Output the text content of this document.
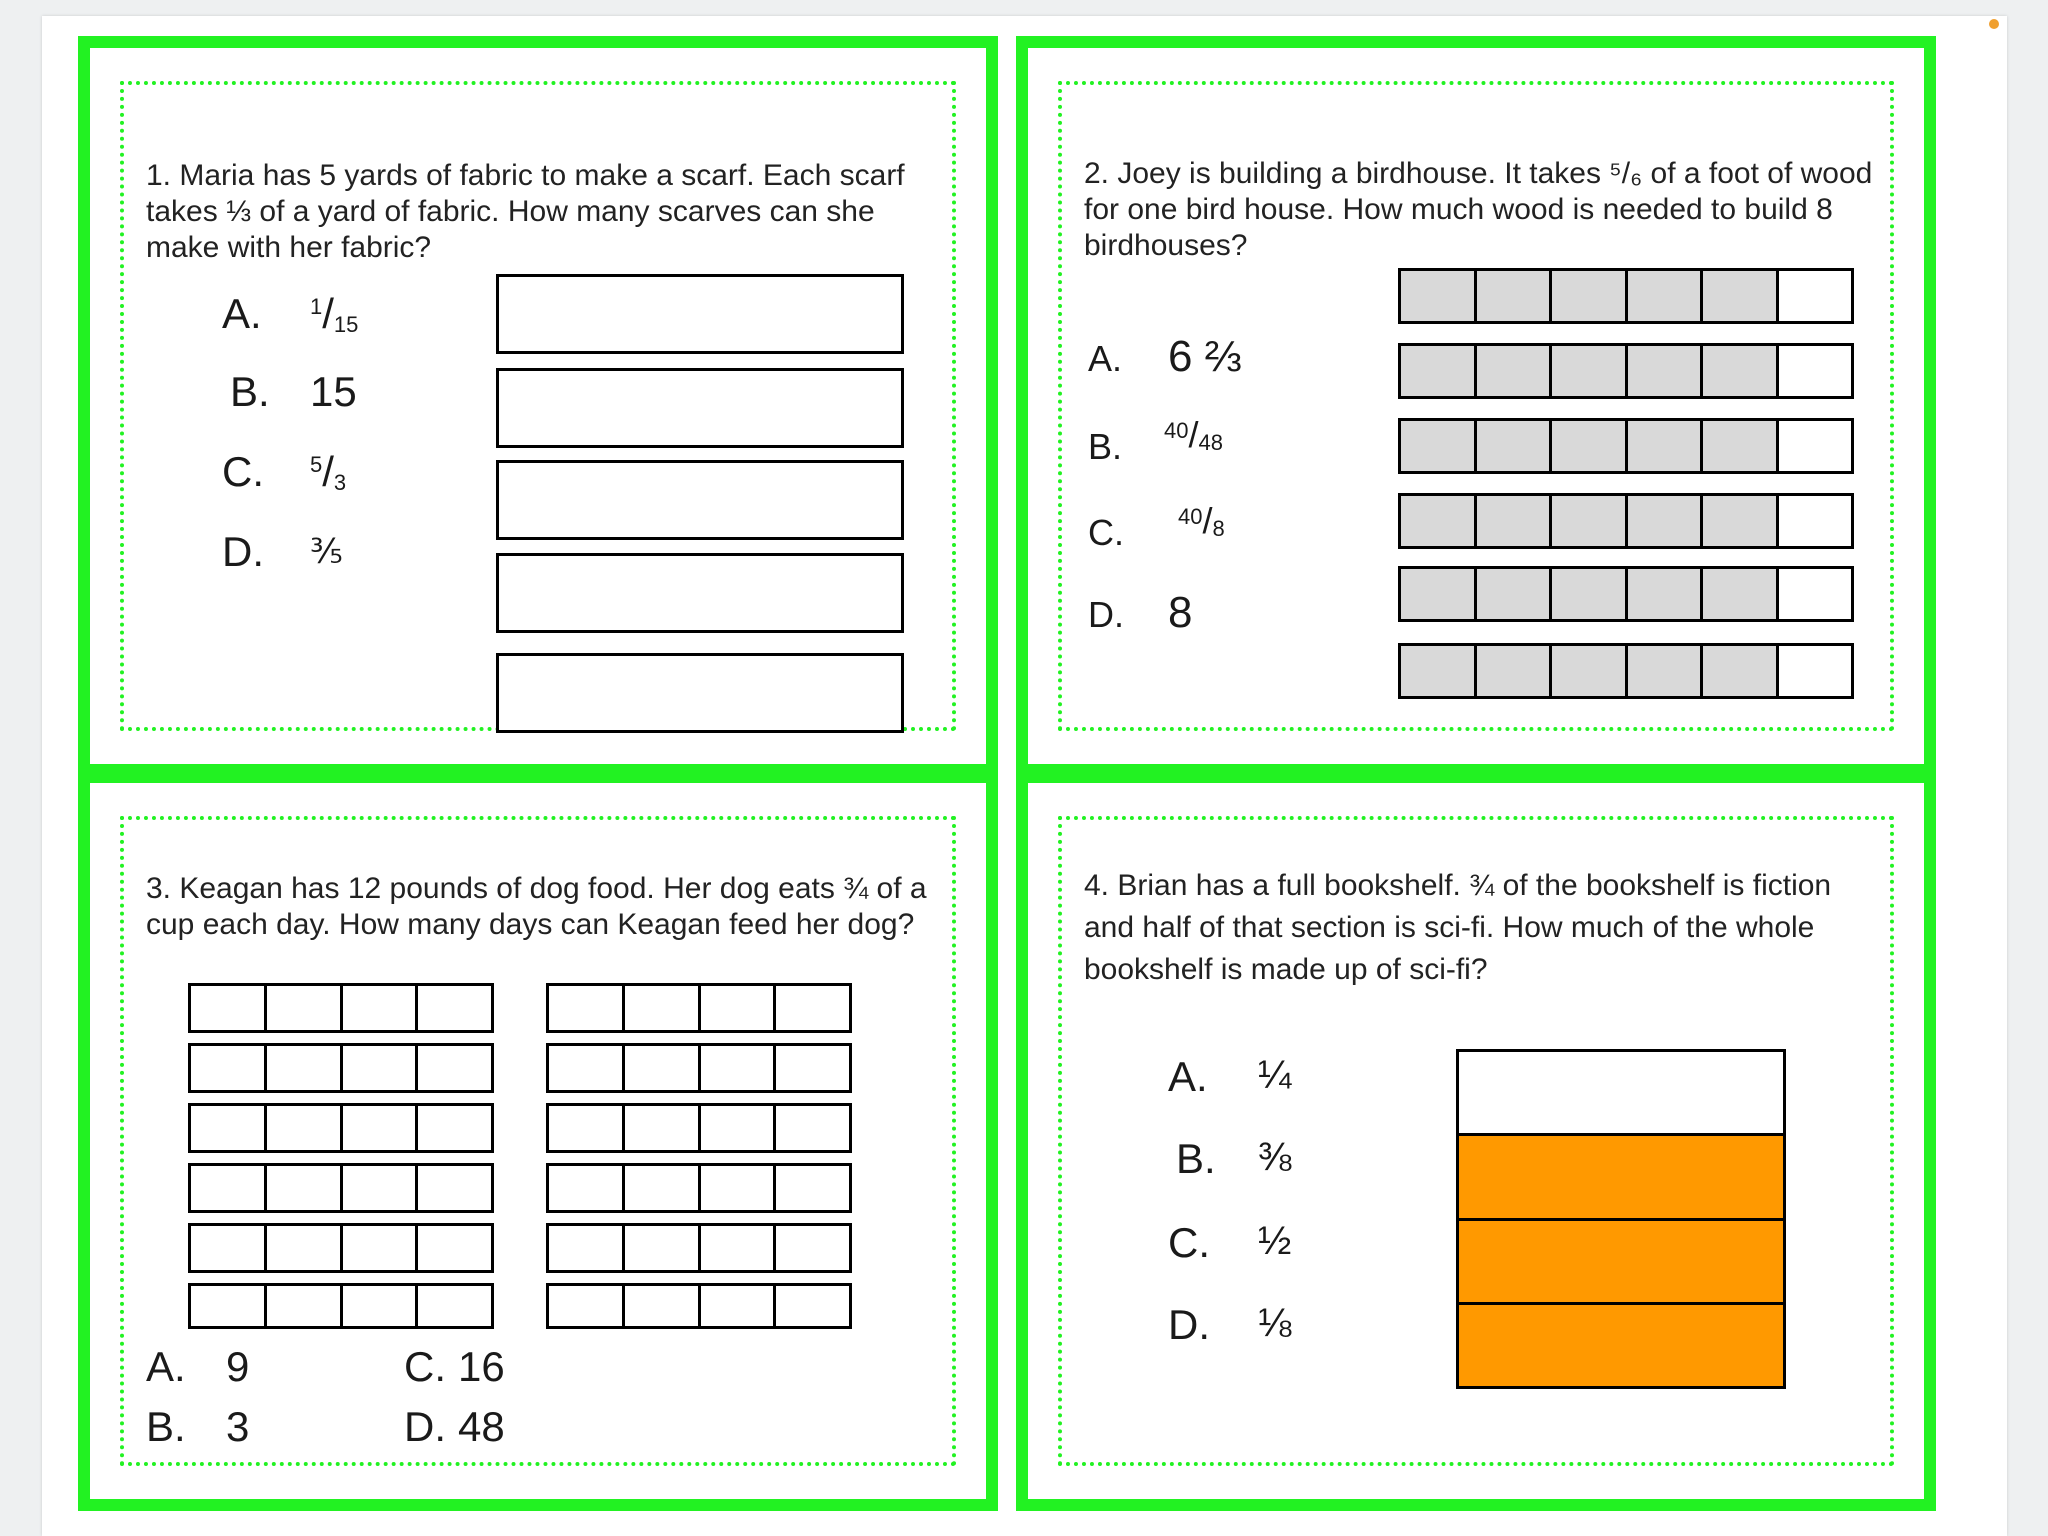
1. Maria has 5 yards of fabric to make a scarf. Each scarf takes ⅓ of a yard of fabric. How many scarves can she make with her fabric?

A. $^1$/15
B. 15
C. $^5$/3
D. ⅗

2. Joey is building a birdhouse. It takes ⁵/₆ of a foot of wood for one bird house. How much wood is needed to build 8 birdhouses?

A. 6 ⅔
B. $^{40}$/48
C. $^{40}$/8
D. 8

3. Keagan has 12 pounds of dog food. Her dog eats ¾ of a cup each day. How many days can Keagan feed her dog?

A. 9
B. 3
C. 16
D. 48

4. Brian has a full bookshelf. ¾ of the bookshelf is fiction and half of that section is sci-fi. How much of the whole bookshelf is made up of sci-fi?

A. ¼
B. ⅜
C. ½
D. ⅛
